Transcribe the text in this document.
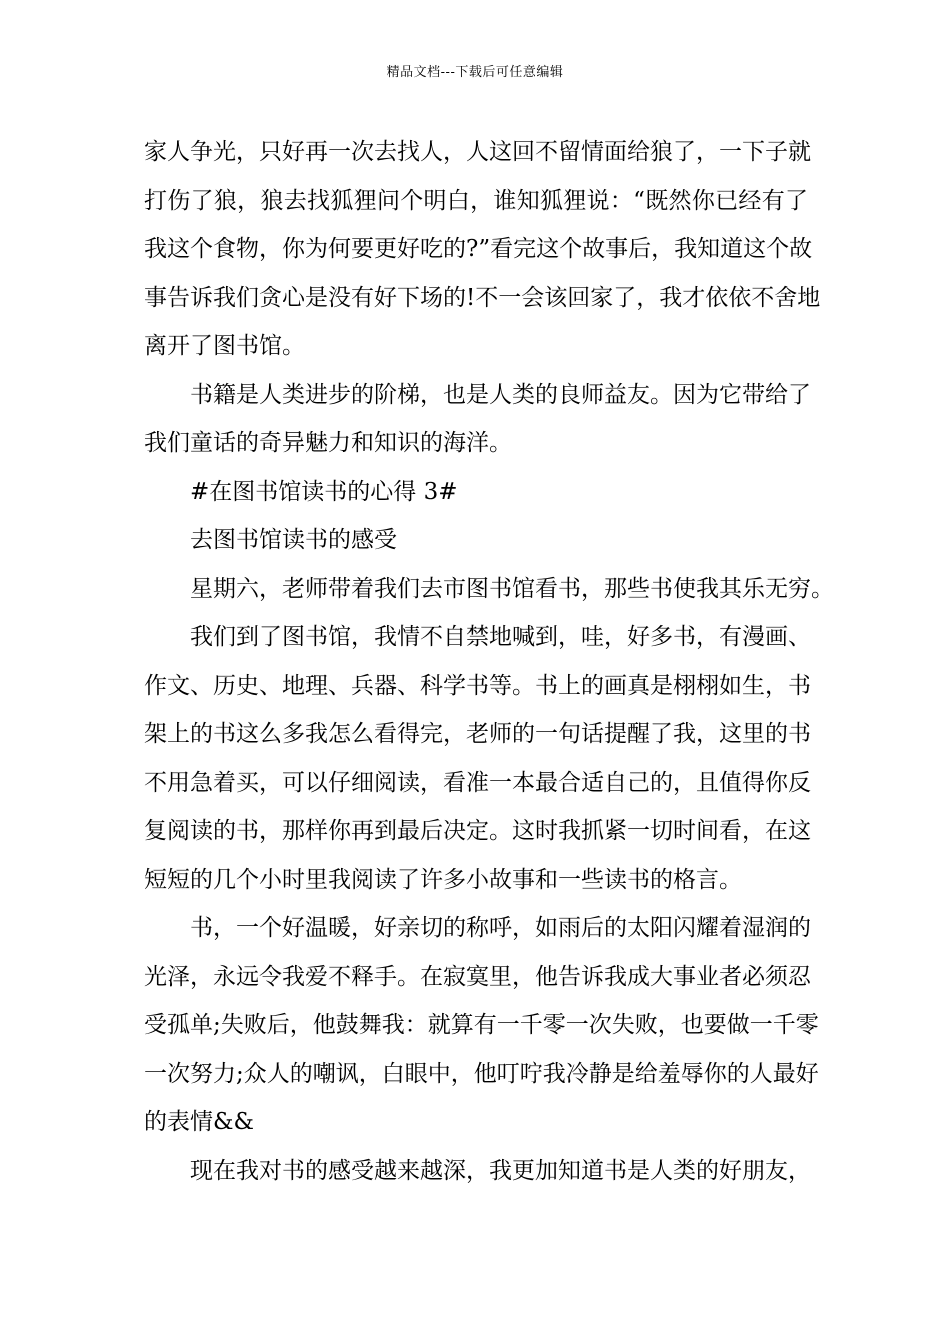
精品文档---下载后可任意编辑
家人争光，只好再一次去找人，人这回不留情面给狼了，一下子就
打伤了狼，狼去找狐狸问个明白，谁知狐狸说：“既然你已经有了
我这个食物，你为何要更好吃的?”看完这个故事后，我知道这个故
事告诉我们贪心是没有好下场的!不一会该回家了，我才依依不舍地
离开了图书馆。
书籍是人类进步的阶梯，也是人类的良师益友。因为它带给了
我们童话的奇异魅力和知识的海洋。
#在图书馆读书的心得 3#
去图书馆读书的感受
星期六，老师带着我们去市图书馆看书，那些书使我其乐无穷。
我们到了图书馆，我情不自禁地喊到，哇，好多书，有漫画、
作文、历史、地理、兵器、科学书等。书上的画真是栩栩如生，书
架上的书这么多我怎么看得完，老师的一句话提醒了我，这里的书
不用急着买，可以仔细阅读，看准一本最合适自己的，且值得你反
复阅读的书，那样你再到最后决定。这时我抓紧一切时间看，在这
短短的几个小时里我阅读了许多小故事和一些读书的格言。
书，一个好温暖，好亲切的称呼，如雨后的太阳闪耀着湿润的
光泽，永远令我爱不释手。在寂寞里，他告诉我成大事业者必须忍
受孤单;失败后，他鼓舞我：就算有一千零一次失败，也要做一千零
一次努力;众人的嘲讽，白眼中，他叮咛我冷静是给羞辱你的人最好
的表情&&
现在我对书的感受越来越深，我更加知道书是人类的好朋友，
